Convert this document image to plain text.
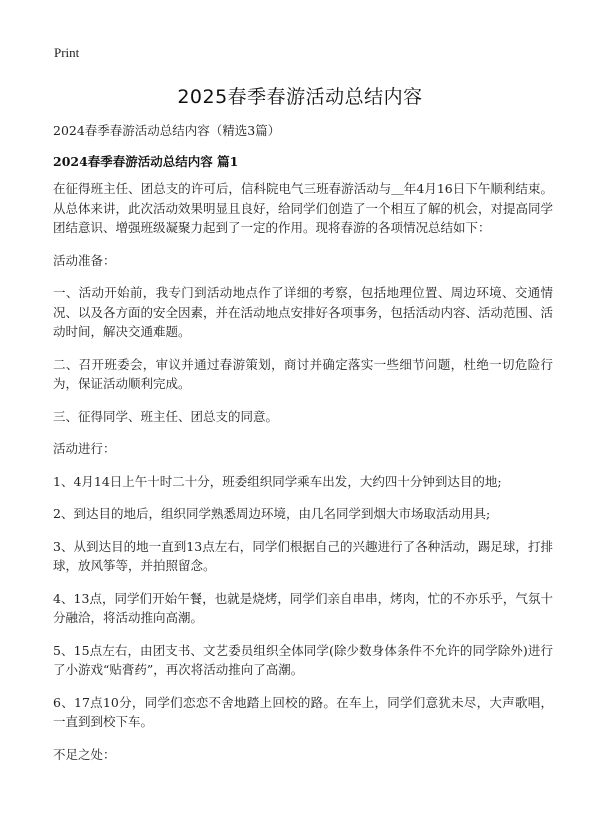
Print
2025春季春游活动总结内容
2024春季春游活动总结内容（精选3篇）
2024春季春游活动总结内容 篇1

在征得班主任、团总支的许可后，信科院电气三班春游活动与＿年4月16日下午顺利结束。从总体来讲，此次活动效果明显且良好，给同学们创造了一个相互了解的机会，对提高同学团结意识、增强班级凝聚力起到了一定的作用。现将春游的各项情况总结如下：

活动准备：

一、活动开始前，我专门到活动地点作了详细的考察，包括地理位置、周边环境、交通情况、以及各方面的安全因素，并在活动地点安排好各项事务，包括活动内容、活动范围、活动时间，解决交通难题。

二、召开班委会，审议并通过春游策划，商讨并确定落实一些细节问题，杜绝一切危险行为，保证活动顺利完成。

三、征得同学、班主任、团总支的同意。

活动进行：

1、4月14日上午十时二十分，班委组织同学乘车出发，大约四十分钟到达目的地;

2、到达目的地后，组织同学熟悉周边环境，由几名同学到烟大市场取活动用具;

3、从到达目的地一直到13点左右，同学们根据自己的兴趣进行了各种活动，踢足球，打排球，放风筝等，并拍照留念。

4、13点，同学们开始午餐，也就是烧烤，同学们亲自串串，烤肉，忙的不亦乐乎，气氛十分融洽，将活动推向高潮。

5、15点左右，由团支书、文艺委员组织全体同学(除少数身体条件不允许的同学除外)进行了小游戏“贴膏药”，再次将活动推向了高潮。

6、17点10分，同学们恋恋不舍地踏上回校的路。在车上，同学们意犹未尽，大声歌唱，一直到到校下车。

不足之处：
